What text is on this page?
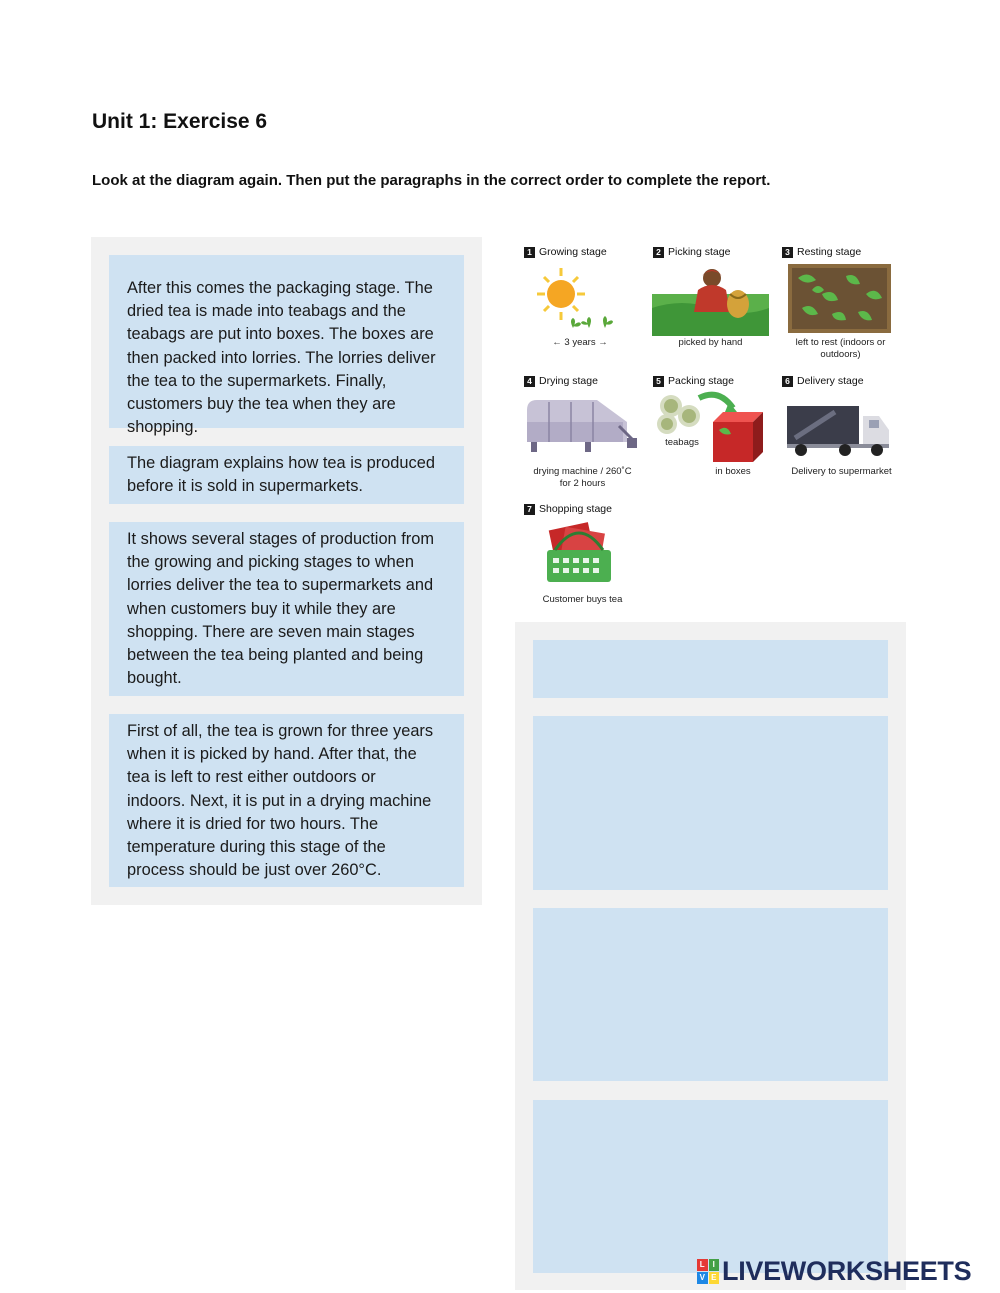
Unit 1: Exercise 6
Look at the diagram again. Then put the paragraphs in the correct order to complete the report.
After this comes the packaging stage. The
dried tea is made into teabags and the
teabags are put into boxes. The boxes are
then packed into lorries. The lorries deliver
the tea to the supermarkets. Finally,
customers buy the tea when they are
shopping.
The diagram explains how tea is produced
before it is sold in supermarkets.
It shows several stages of production from
the growing and picking stages to when
lorries deliver the tea to supermarkets and
when customers buy it while they are
shopping. There are seven main stages
between the tea being planted and being
bought.
First of all, the tea is grown for three years
when it is picked by hand. After that, the
tea is left to rest either outdoors or
indoors. Next, it is put in a drying machine
where it is dried for two hours. The
temperature during this stage of the
process should be just over 260°C.
1 Growing stage
← 3 years →
2 Picking stage
picked by hand
3 Resting stage
left to rest (indoors or
outdoors)
4 Drying stage
drying machine / 260˚C
for 2 hours
5 Packing stage
teabags
in boxes
6 Delivery stage
Delivery to supermarket
7 Shopping stage
Customer buys tea
L I
V E LIVEWORKSHEETS
